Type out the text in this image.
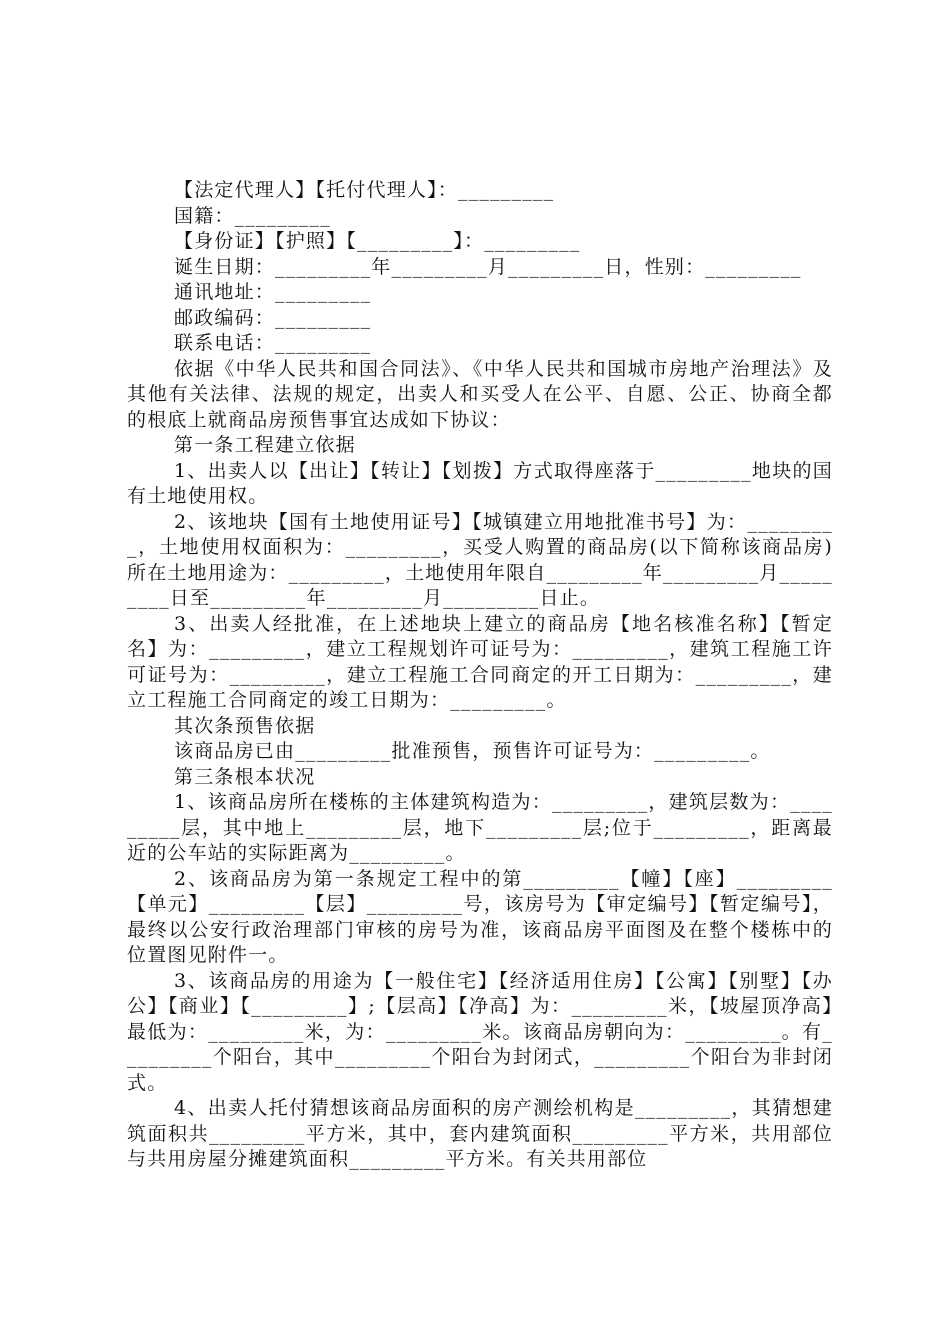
【法定代理人】【托付代理人】：_________

国籍：_________

【身份证】【护照】【_________】：_________

诞生日期：_________年_________月_________日，性别：_________

通讯地址：_________

邮政编码：_________

联系电话：_________

依据《中华人民共和国合同法》、《中华人民共和国城市房地产治理法》及其他有关法律、法规的规定，出卖人和买受人在公平、自愿、公正、协商全都的根底上就商品房预售事宜达成如下协议：

第一条工程建立依据

1、出卖人以【出让】【转让】【划拨】方式取得座落于_________地块的国有土地使用权。

2、该地块【国有土地使用证号】【城镇建立用地批准书号】为：_________，土地使用权面积为：_________，买受人购置的商品房(以下简称该商品房)所在土地用途为：_________，土地使用年限自_________年_________月_________日至_________年_________月_________日止。

3、出卖人经批准，在上述地块上建立的商品房【地名核准名称】【暂定名】为：_________，建立工程规划许可证号为：_________，建筑工程施工许可证号为：_________，建立工程施工合同商定的开工日期为：_________，建立工程施工合同商定的竣工日期为：_________。

其次条预售依据

该商品房已由_________批准预售，预售许可证号为：_________。

第三条根本状况

1、该商品房所在楼栋的主体建筑构造为：_________，建筑层数为：_________层，其中地上_________层，地下_________层;位于_________，距离最近的公车站的实际距离为_________。

2、该商品房为第一条规定工程中的第_________【幢】【座】_________【单元】_________【层】_________号，该房号为【审定编号】【暂定编号】，最终以公安行政治理部门审核的房号为准，该商品房平面图及在整个楼栋中的位置图见附件一。

3、该商品房的用途为【一般住宅】【经济适用住房】【公寓】【别墅】【办公】【商业】【_________】;【层高】【净高】为：_________米，【坡屋顶净高】最低为：_________米，为：_________米。该商品房朝向为：_________。有_________个阳台，其中_________个阳台为封闭式，_________个阳台为非封闭式。

4、出卖人托付猜想该商品房面积的房产测绘机构是_________，其猜想建筑面积共_________平方米，其中，套内建筑面积_________平方米，共用部位与共用房屋分摊建筑面积_________平方米。有关共用部位
